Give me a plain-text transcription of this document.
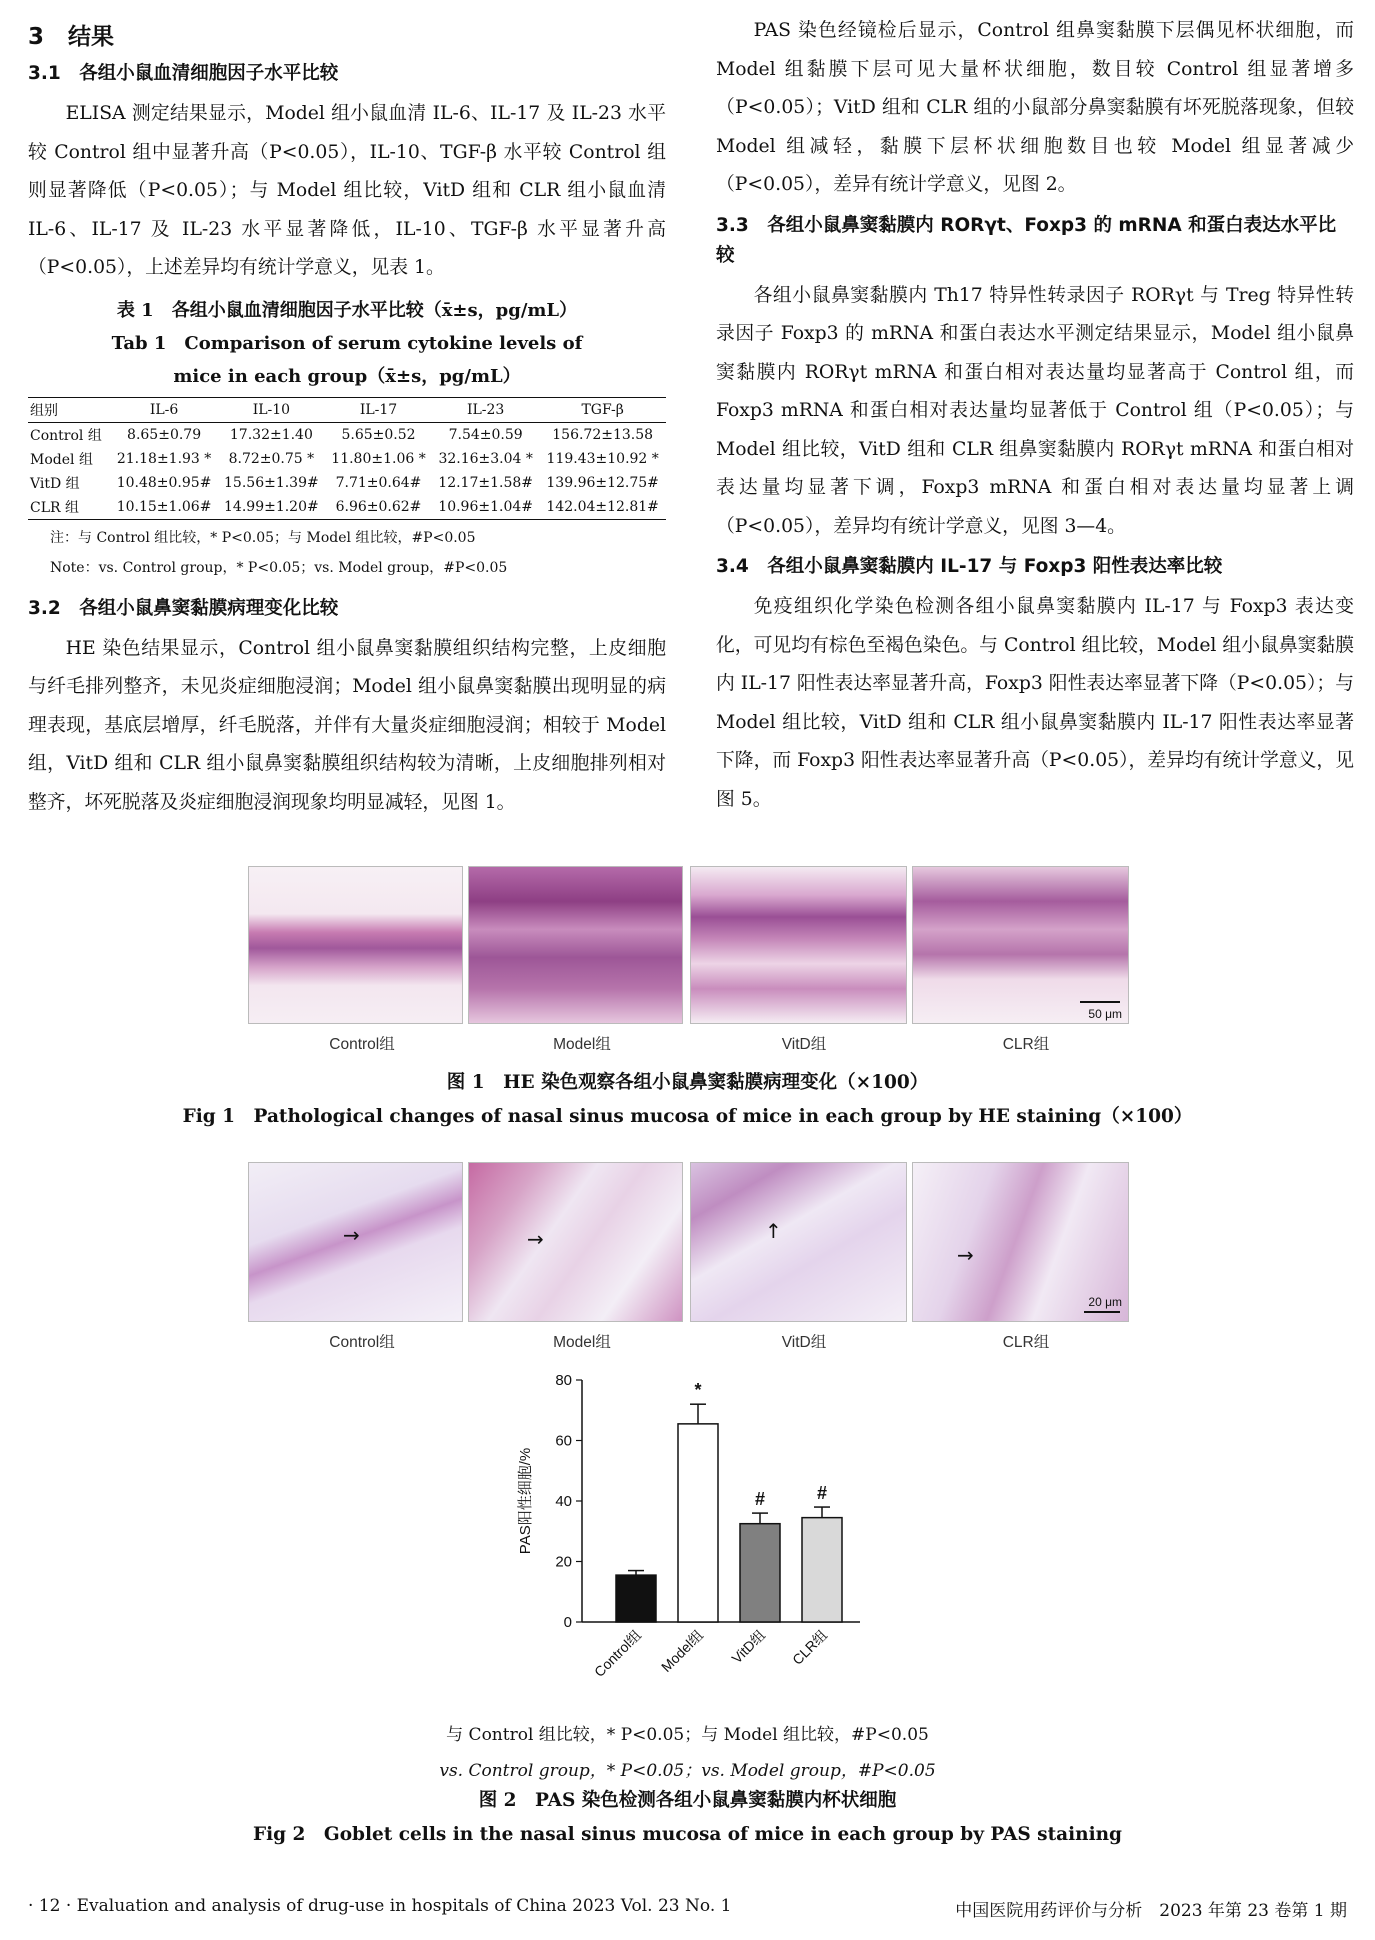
3 结果
3.1　各组小鼠血清细胞因子水平比较

ELISA 测定结果显示，Model 组小鼠血清 IL-6、IL-17 及 IL-23 水平较 Control 组中显著升高（P<0.05），IL-10、TGF-β 水平较 Control 组则显著降低（P<0.05）；与 Model 组比较，VitD 组和 CLR 组小鼠血清 IL-6、IL-17 及 IL-23 水平显著降低，IL-10、TGF-β 水平显著升高（P<0.05），上述差异均有统计学意义，见表 1。

表 1　各组小鼠血清细胞因子水平比较（x̄±s，pg/mL）

Tab 1　Comparison of serum cytokine levels of mice in each group（x̄±s，pg/mL）

组别	IL-6	IL-10	IL-17	IL-23	TGF-β
Control 组	8.65±0.79	17.32±1.40	5.65±0.52	7.54±0.59	156.72±13.58
Model 组	21.18±1.93 *	8.72±0.75 *	11.80±1.06 *	32.16±3.04 *	119.43±10.92 *
VitD 组	10.48±0.95#	15.56±1.39#	7.71±0.64#	12.17±1.58#	139.96±12.75#
CLR 组	10.15±1.06#	14.99±1.20#	6.96±0.62#	10.96±1.04#	142.04±12.81#
注：与 Control 组比较，* P<0.05；与 Model 组比较，#P<0.05
Note：vs. Control group，* P<0.05；vs. Model group，#P<0.05
3.2　各组小鼠鼻窦黏膜病理变化比较

HE 染色结果显示，Control 组小鼠鼻窦黏膜组织结构完整，上皮细胞与纤毛排列整齐，未见炎症细胞浸润；Model 组小鼠鼻窦黏膜出现明显的病理表现，基底层增厚，纤毛脱落，并伴有大量炎症细胞浸润；相较于 Model 组，VitD 组和 CLR 组小鼠鼻窦黏膜组织结构较为清晰，上皮细胞排列相对整齐，坏死脱落及炎症细胞浸润现象均明显减轻，见图 1。

PAS 染色经镜检后显示，Control 组鼻窦黏膜下层偶见杯状细胞，而 Model 组黏膜下层可见大量杯状细胞，数目较 Control 组显著增多（P<0.05）；VitD 组和 CLR 组的小鼠部分鼻窦黏膜有坏死脱落现象，但较 Model 组减轻，黏膜下层杯状细胞数目也较 Model 组显著减少（P<0.05），差异有统计学意义，见图 2。

3.3　各组小鼠鼻窦黏膜内 RORγt、Foxp3 的 mRNA 和蛋白表达水平比较

各组小鼠鼻窦黏膜内 Th17 特异性转录因子 RORγt 与 Treg 特异性转录因子 Foxp3 的 mRNA 和蛋白表达水平测定结果显示，Model 组小鼠鼻窦黏膜内 RORγt mRNA 和蛋白相对表达量均显著高于 Control 组，而 Foxp3 mRNA 和蛋白相对表达量均显著低于 Control 组（P<0.05）；与 Model 组比较，VitD 组和 CLR 组鼻窦黏膜内 RORγt mRNA 和蛋白相对表达量均显著下调，Foxp3 mRNA 和蛋白相对表达量均显著上调（P<0.05），差异均有统计学意义，见图 3—4。

3.4　各组小鼠鼻窦黏膜内 IL-17 与 Foxp3 阳性表达率比较

免疫组织化学染色检测各组小鼠鼻窦黏膜内 IL-17 与 Foxp3 表达变化，可见均有棕色至褐色染色。与 Control 组比较，Model 组小鼠鼻窦黏膜内 IL-17 阳性表达率显著升高，Foxp3 阳性表达率显著下降（P<0.05）；与 Model 组比较，VitD 组和 CLR 组小鼠鼻窦黏膜内 IL-17 阳性表达率显著下降，而 Foxp3 阳性表达率显著升高（P<0.05），差异均有统计学意义，见图 5。

50 μm
Control组	Model组	VitD组	CLR组
图 1　HE 染色观察各组小鼠鼻窦黏膜病理变化（×100）
Fig 1　Pathological changes of nasal sinus mucosa of mice in each group by HE staining（×100）
→	→	↑
→
20 μm
Control组	Model组	VitD组	CLR组
0
20
40
60
80
PAS阳性细胞/%
Control组
*
Model组
#
VitD组
#
CLR组
与 Control 组比较，* P<0.05；与 Model 组比较，#P<0.05
vs. Control group，* P<0.05；vs. Model group，#P<0.05
图 2　PAS 染色检测各组小鼠鼻窦黏膜内杯状细胞
Fig 2　Goblet cells in the nasal sinus mucosa of mice in each group by PAS staining
· 12 · Evaluation and analysis of drug-use in hospitals of China 2023 Vol. 23 No. 1	中国医院用药评价与分析　2023 年第 23 卷第 1 期
